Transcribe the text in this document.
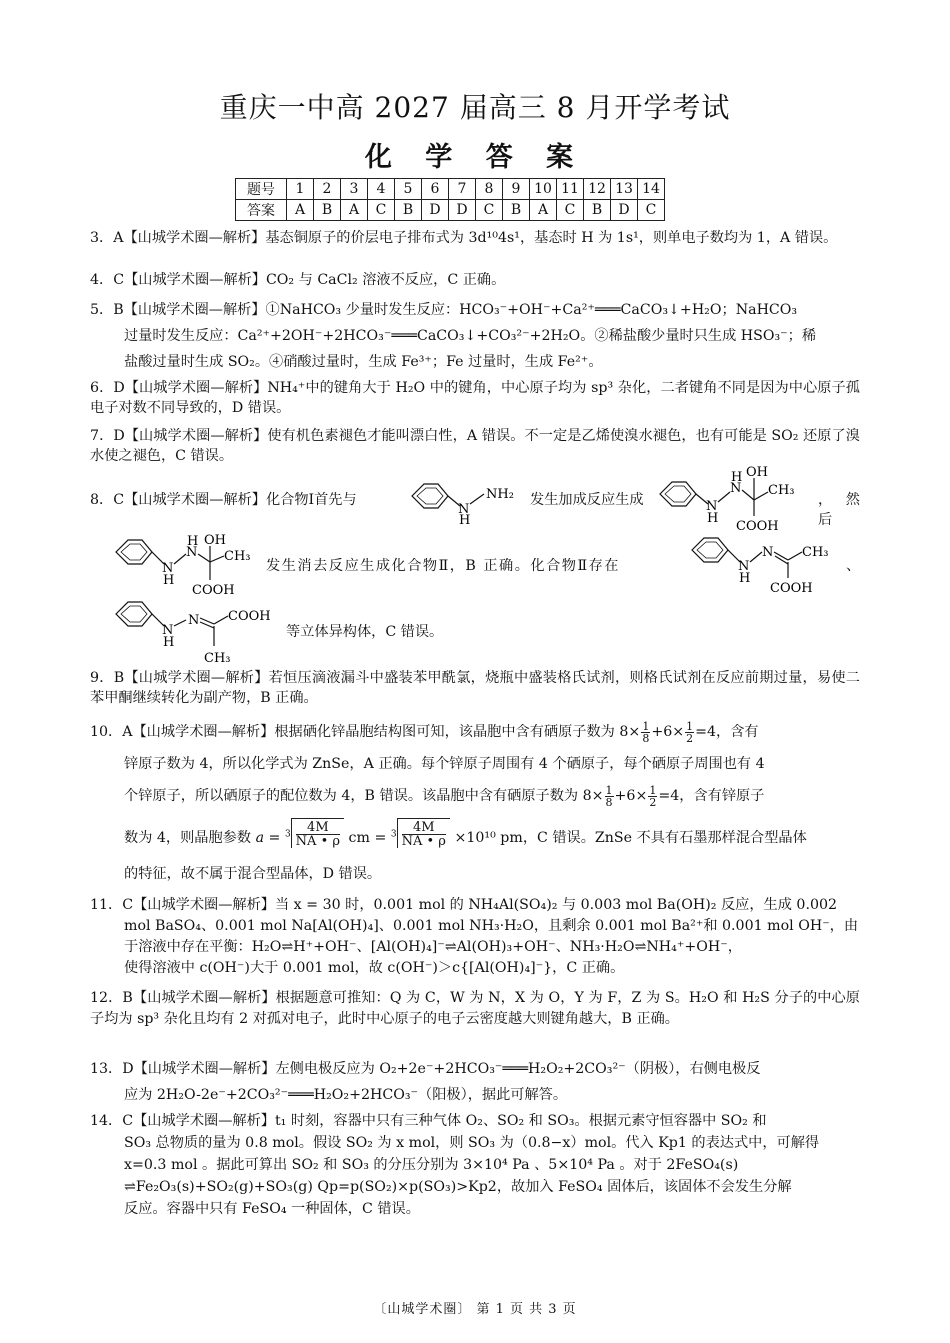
重庆一中高 2027 届高三 8 月开学考试
化 学 答 案
题号	1	2	3	4	5	6	7	8	9	10	11	12	13	14
答案	A	B	A	C	B	D	D	C	B	A	C	B	D	C
3．A【山城学术圈—解析】基态铜原子的价层电子排布式为 3d¹⁰4s¹，基态时 H 为 1s¹，则单电子数均为 1，A 错误。
4．C【山城学术圈—解析】CO₂ 与 CaCl₂ 溶液不反应，C 正确。
5．B【山城学术圈—解析】①NaHCO₃ 少量时发生反应：HCO₃⁻+OH⁻+Ca²⁺═══CaCO₃↓+H₂O；NaHCO₃
过量时发生反应：Ca²⁺+2OH⁻+2HCO₃⁻═══CaCO₃↓+CO₃²⁻+2H₂O。②稀盐酸少量时只生成 HSO₃⁻；稀
盐酸过量时生成 SO₂。④硝酸过量时，生成 Fe³⁺；Fe 过量时，生成 Fe²⁺。
6．D【山城学术圈—解析】NH₄⁺中的键角大于 H₂O 中的键角，中心原子均为 sp³ 杂化，二者键角不同是因为中心原子孤电子对数不同导致的，D 错误。
7．D【山城学术圈—解析】使有机色素褪色才能叫漂白性，A 错误。不一定是乙烯使溴水褪色，也有可能是 SO₂ 还原了溴水使之褪色，C 错误。
8．C【山城学术圈—解析】化合物Ⅰ首先与
N
H
NH₂ 发生加成反应生成	N
H
N
H OH
CH₃
COOH
，然后
N
H
N
H OH
CH₃
COOH
发生消去反应生成化合物Ⅱ，B 正确。化合物Ⅱ存在	N
H
N CH₃
COOH
、
N
H
N COOH
CH₃
等立体异构体，C 错误。
9．B【山城学术圈—解析】若恒压滴液漏斗中盛装苯甲酰氯，烧瓶中盛装格氏试剂，则格氏试剂在反应前期过量，易使二苯甲酮继续转化为副产物，B 正确。
10．A【山城学术圈—解析】根据硒化锌晶胞结构图可知，该晶胞中含有硒原子数为 $8\times \frac{1}{8} +6\times \frac{1}{2} =4$，含有
锌原子数为 4，所以化学式为 ZnSe，A 正确。每个锌原子周围有 4 个硒原子，每个硒原子周围也有 4
个锌原子，所以硒原子的配位数为 4，B 错误。该晶胞中含有硒原子数为 $8\times \frac{1}{8} +6\times \frac{1}{2} =4$，含有锌原子
数为 4，则晶胞参数 $a = ^3 \frac{4M}{NA • \rho}$ cm = $^3 \frac{4M}{NA • \rho} \times 10^{10}$ pm，C 错误。ZnSe 不具有石墨那样混合型晶体
的特征，故不属于混合型晶体，D 错误。
11．C【山城学术圈—解析】当 x = 30 时，0.001 mol 的 NH₄Al(SO₄)₂ 与 0.003 mol Ba(OH)₂ 反应，生成 0.002
mol BaSO₄、0.001 mol Na[Al(OH)₄]、0.001 mol NH₃·H₂O，且剩余 0.001 mol Ba²⁺和 0.001 mol OH⁻，由
于溶液中存在平衡：H₂O⇌H⁺+OH⁻、[Al(OH)₄]⁻⇌Al(OH)₃+OH⁻、NH₃·H₂O⇌NH₄⁺+OH⁻，
使得溶液中 c(OH⁻)大于 0.001 mol，故 c(OH⁻)＞c{[Al(OH)₄]⁻}，C 正确。
12．B【山城学术圈—解析】根据题意可推知：Q 为 C，W 为 N，X 为 O，Y 为 F，Z 为 S。H₂O 和 H₂S 分子的中心原子均为 sp³ 杂化且均有 2 对孤对电子，此时中心原子的电子云密度越大则键角越大，B 正确。
13．D【山城学术圈—解析】左侧电极反应为 O₂+2e⁻+2HCO₃⁻═══H₂O₂+2CO₃²⁻（阴极），右侧电极反
应为 2H₂O-2e⁻+2CO₃²⁻═══H₂O₂+2HCO₃⁻（阳极），据此可解答。
14．C【山城学术圈—解析】t₁ 时刻，容器中只有三种气体 O₂、SO₂ 和 SO₃。根据元素守恒容器中 SO₂ 和
SO₃ 总物质的量为 0.8 mol。假设 SO₂ 为 x mol，则 SO₃ 为（0.8−x）mol。代入 Kp1 的表达式中，可解得
x=0.3 mol 。据此可算出 SO₂ 和 SO₃ 的分压分别为 3×10⁴ Pa 、5×10⁴ Pa 。对于 2FeSO₄(s)
⇌Fe₂O₃(s)+SO₂(g)+SO₃(g) Qp=p(SO₂)×p(SO₃)>Kp2，故加入 FeSO₄ 固体后，该固体不会发生分解
反应。容器中只有 FeSO₄ 一种固体，C 错误。
〔山城学术圈〕 第 1 页 共 3 页
